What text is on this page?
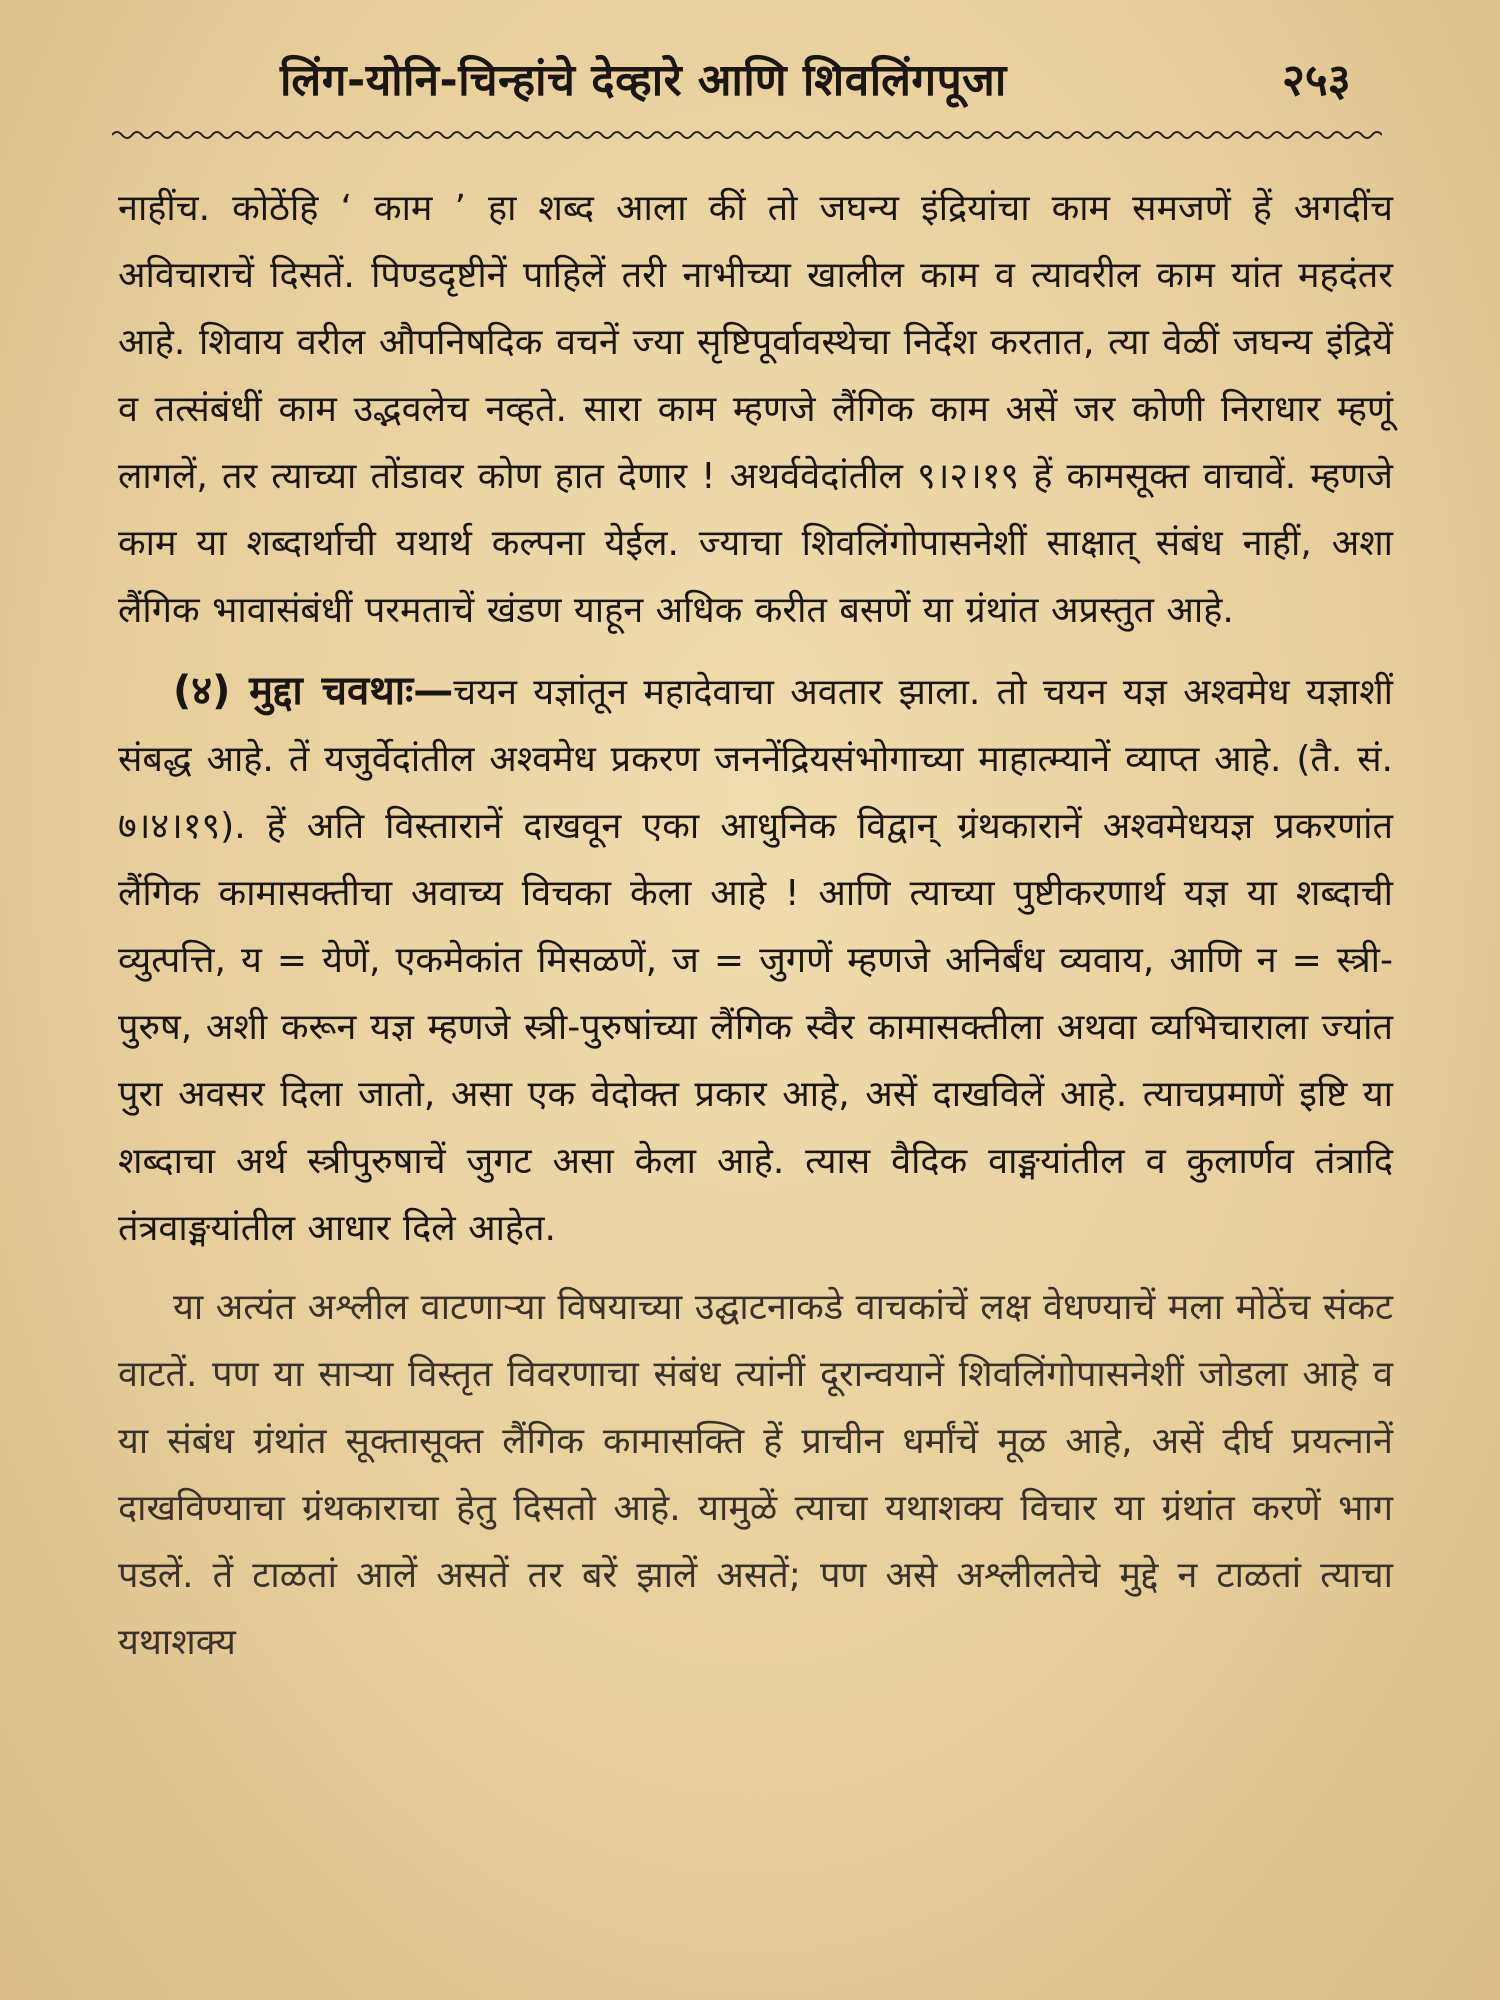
लिंग-योनि-चिन्हांचे देव्हारे आणि शिवलिंगपूजा	२५३

नाहींच. कोठेंहि ‘ काम ’ हा शब्द आला कीं तो जघन्य इंद्रियांचा काम समजणें हें अगदींच अविचाराचें दिसतें. पिण्डदृष्टीनें पाहिलें तरी नाभीच्या खालील काम व त्यावरील काम यांत महदंतर आहे. शिवाय वरील औपनिषदिक वचनें ज्या सृष्टिपूर्वावस्थेचा निर्देश करतात, त्या वेळीं जघन्य इंद्रियें व तत्संबंधीं काम उद्भवलेच नव्हते. सारा काम म्हणजे लैंगिक काम असें जर कोणी निराधार म्हणूं लागलें, तर त्याच्या तोंडावर कोण हात देणार ! अथर्ववेदांतील ९।२।१९ हें कामसूक्त वाचावें. म्हणजे काम या शब्दार्थाची यथार्थ कल्पना येईल. ज्याचा शिवलिंगोपासनेशीं साक्षात् संबंध नाहीं, अशा लैंगिक भावासंबंधीं परमताचें खंडण याहून अधिक करीत बसणें या ग्रंथांत अप्रस्तुत आहे.

(४) मुद्दा चवथाः—चयन यज्ञांतून महादेवाचा अवतार झाला. तो चयन यज्ञ अश्वमेध यज्ञाशीं संबद्ध आहे. तें यजुर्वेदांतील अश्वमेध प्रकरण जननेंद्रियसंभोगाच्या माहात्म्यानें व्याप्त आहे. (तै. सं. ७।४।१९). हें अति विस्तारानें दाखवून एका आधुनिक विद्वान् ग्रंथकारानें अश्वमेधयज्ञ प्रकरणांत लैंगिक कामासक्तीचा अवाच्य विचका केला आहे ! आणि त्याच्या पुष्टीकरणार्थ यज्ञ या शब्दाची व्युत्पत्ति, य = येणें, एकमेकांत मिसळणें, ज = जुगणें म्हणजे अनिर्बंध व्यवाय, आणि न = स्त्री-पुरुष, अशी करून यज्ञ म्हणजे स्त्री-पुरुषांच्या लैंगिक स्वैर कामासक्तीला अथवा व्यभिचाराला ज्यांत पुरा अवसर दिला जातो, असा एक वेदोक्त प्रकार आहे, असें दाखविलें आहे. त्याचप्रमाणें इष्टि या शब्दाचा अर्थ स्त्रीपुरुषाचें जुगट असा केला आहे. त्यास वैदिक वाङ्मयांतील व कुलार्णव तंत्रादि तंत्रवाङ्मयांतील आधार दिले आहेत.

या अत्यंत अश्लील वाटणाऱ्या विषयाच्या उद्घाटनाकडे वाचकांचें लक्ष वेधण्याचें मला मोठेंच संकट वाटतें. पण या साऱ्या विस्तृत विवरणाचा संबंध त्यांनीं दूरान्वयानें शिवलिंगोपासनेशीं जोडला आहे व या संबंध ग्रंथांत सूक्तासूक्त लैंगिक कामासक्ति हें प्राचीन धर्मांचें मूळ आहे, असें दीर्घ प्रयत्नानें दाखविण्याचा ग्रंथकाराचा हेतु दिसतो आहे. यामुळें त्याचा यथाशक्य विचार या ग्रंथांत करणें भाग पडलें. तें टाळतां आलें असतें तर बरें झालें असतें; पण असे अश्लीलतेचे मुद्दे न टाळतां त्याचा यथाशक्य
